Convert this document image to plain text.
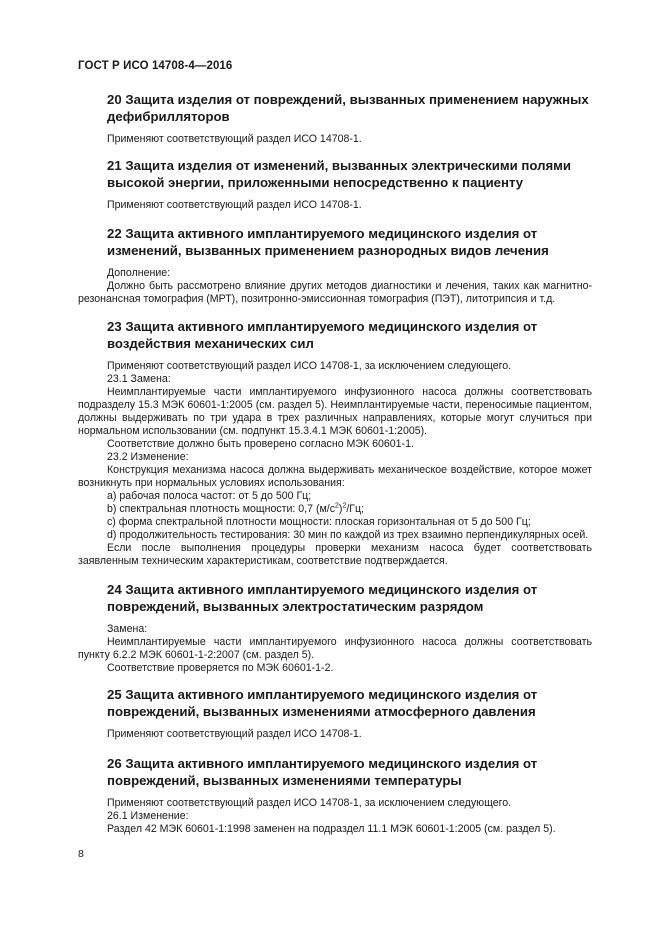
ГОСТ Р ИСО 14708-4—2016

20 Защита изделия от повреждений, вызванных применением наружных дефибрилляторов

Применяют соответствующий раздел ИСО 14708-1.

21 Защита изделия от изменений, вызванных электрическими полями высокой энергии, приложенными непосредственно к пациенту

Применяют соответствующий раздел ИСО 14708-1.

22 Защита активного имплантируемого медицинского изделия от изменений, вызванных применением разнородных видов лечения

Дополнение:

Должно быть рассмотрено влияние других методов диагностики и лечения, таких как магнитно-резонансная томография (МРТ), позитронно-эмиссионная томография (ПЭТ), литотрипсия и т.д.

23 Защита активного имплантируемого медицинского изделия от воздействия механических сил

Применяют соответствующий раздел ИСО 14708-1, за исключением следующего.

23.1 Замена:

Неимплантируемые части имплантируемого инфузионного насоса должны соответствовать подразделу 15.3 МЭК 60601-1:2005 (см. раздел 5). Неимплантируемые части, переносимые пациентом, должны выдерживать по три удара в трех различных направлениях, которые могут случиться при нормальном использовании (см. подпункт 15.3.4.1 МЭК 60601-1:2005).

Соответствие должно быть проверено согласно МЭК 60601-1.

23.2 Изменение:

Конструкция механизма насоса должна выдерживать механическое воздействие, которое может возникнуть при нормальных условиях использования:

a) рабочая полоса частот: от 5 до 500 Гц;

b) спектральная плотность мощности: 0,7 $(м/с^2)^2/Гц$;

c) форма спектральной плотности мощности: плоская горизонтальная от 5 до 500 Гц;

d) продолжительность тестирования: 30 мин по каждой из трех взаимно перпендикулярных осей.

Если после выполнения процедуры проверки механизм насоса будет соответствовать заявленным техническим характеристикам, соответствие подтверждается.

24 Защита активного имплантируемого медицинского изделия от повреждений, вызванных электростатическим разрядом

Замена:

Неимплантируемые части имплантируемого инфузионного насоса должны соответствовать пункту 6.2.2 МЭК 60601-1-2:2007 (см. раздел 5).

Соответствие проверяется по МЭК 60601-1-2.

25 Защита активного имплантируемого медицинского изделия от повреждений, вызванных изменениями атмосферного давления

Применяют соответствующий раздел ИСО 14708-1.

26 Защита активного имплантируемого медицинского изделия от повреждений, вызванных изменениями температуры

Применяют соответствующий раздел ИСО 14708-1, за исключением следующего.

26.1 Изменение:

Раздел 42 МЭК 60601-1:1998 заменен на подраздел 11.1 МЭК 60601-1:2005 (см. раздел 5).

8
